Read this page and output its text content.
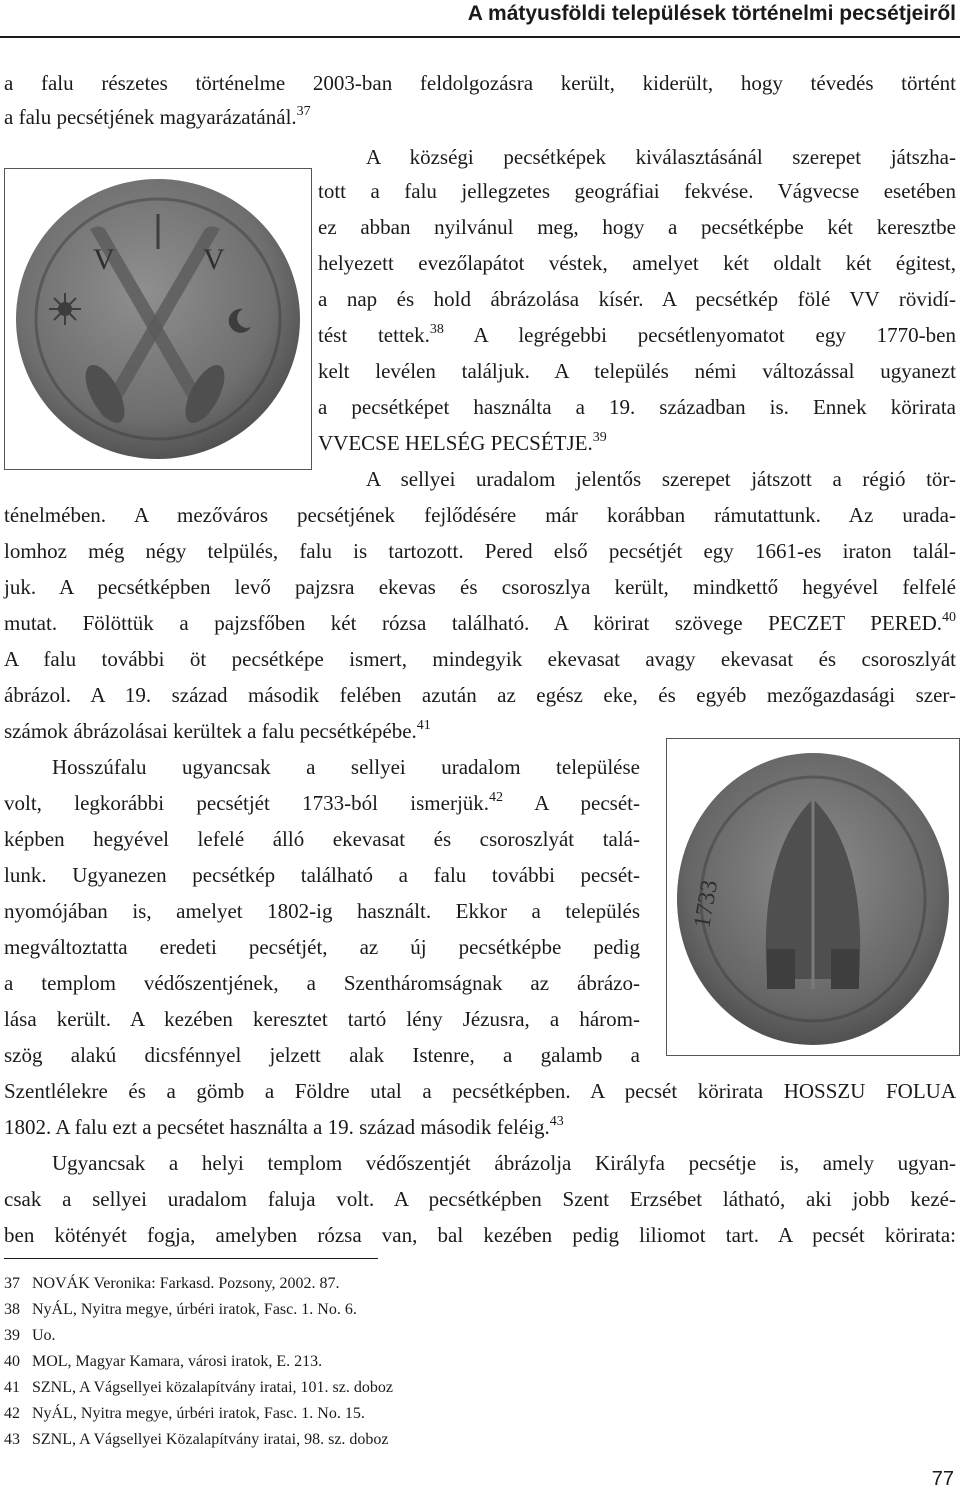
A mátyusföldi települések történelmi pecsétjeiről
a falu részetes történelme 2003-ban feldolgozásra került, kiderült, hogy tévedés történt
a falu pecsétjének magyarázatánál.$^{37}$
A községi pecsétképek kiválasztásánál szerepet játszha-
tott a falu jellegzetes geográfiai fekvése. Vágvecse esetében
ez abban nyilvánul meg, hogy a pecsétképbe két keresztbe
helyezett evezőlapátot véstek, amelyet két oldalt két égitest,
a nap és hold ábrázolása kísér. A pecsétkép fölé VV rövidí-
tést tettek.$^{38}$ A legrégebbi pecsétlenyomatot egy 1770-ben
kelt levélen találjuk. A település némi változással ugyanezt
a pecsétképet használta a 19. században is. Ennek körirata
VVECSE HELSÉG PECSÉTJE.$^{39}$
A sellyei uradalom jelentős szerepet játszott a régió tör-
ténelmében. A mezőváros pecsétjének fejlődésére már korábban rámutattunk. Az urada-
lomhoz még négy telpülés, falu is tartozott. Pered első pecsétjét egy 1661-es iraton talál-
juk. A pecsétképben levő pajzsra ekevas és csoroszlya került, mindkettő hegyével felfelé
mutat. Fölöttük a pajzsfőben két rózsa található. A körirat szövege PECZET PERED.$^{40}$
A falu további öt pecsétképe ismert, mindegyik ekevasat avagy ekevasat és csoroszlyát
ábrázol. A 19. század második felében azután az egész eke, és egyéb mezőgazdasági szer-
számok ábrázolásai kerültek a falu pecsétképébe.$^{41}$
Hosszúfalu ugyancsak a sellyei uradalom települése
volt, legkorábbi pecsétjét 1733-ból ismerjük.$^{42}$ A pecsét-
képben hegyével lefelé álló ekevasat és csoroszlyát talá-
lunk. Ugyanezen pecsétkép található a falu további pecsét-
nyomójában is, amelyet 1802-ig használt. Ekkor a település
megváltoztatta eredeti pecsétjét, az új pecsétképbe pedig
a templom védőszentjének, a Szentháromságnak az ábrázo-
lása került. A kezében keresztet tartó lény Jézusra, a három-
szög alakú dicsfénnyel jelzett alak Istenre, a galamb a
Szentlélekre és a gömb a Földre utal a pecsétképben. A pecsét körirata HOSSZU FOLUA
1802. A falu ezt a pecsétet használta a 19. század második feléig.$^{43}$
Ugyancsak a helyi templom védőszentjét ábrázolja Királyfa pecsétje is, amely ugyan-
csak a sellyei uradalom faluja volt. A pecsétképben Szent Erzsébet látható, aki jobb kezé-
ben kötényét fogja, amelyben rózsa van, bal kezében pedig liliomot tart. A pecsét körirata:
V	V
1733
37 NOVÁK Veronika: Farkasd. Pozsony, 2002. 87.
38 NyÁL, Nyitra megye, úrbéri iratok, Fasc. 1. No. 6.
39 Uo.
40 MOL, Magyar Kamara, városi iratok, E. 213.
41 SZNL, A Vágsellyei közalapítvány iratai, 101. sz. doboz
42 NyÁL, Nyitra megye, úrbéri iratok, Fasc. 1. No. 15.
43 SZNL, A Vágsellyei Közalapítvány iratai, 98. sz. doboz
77
